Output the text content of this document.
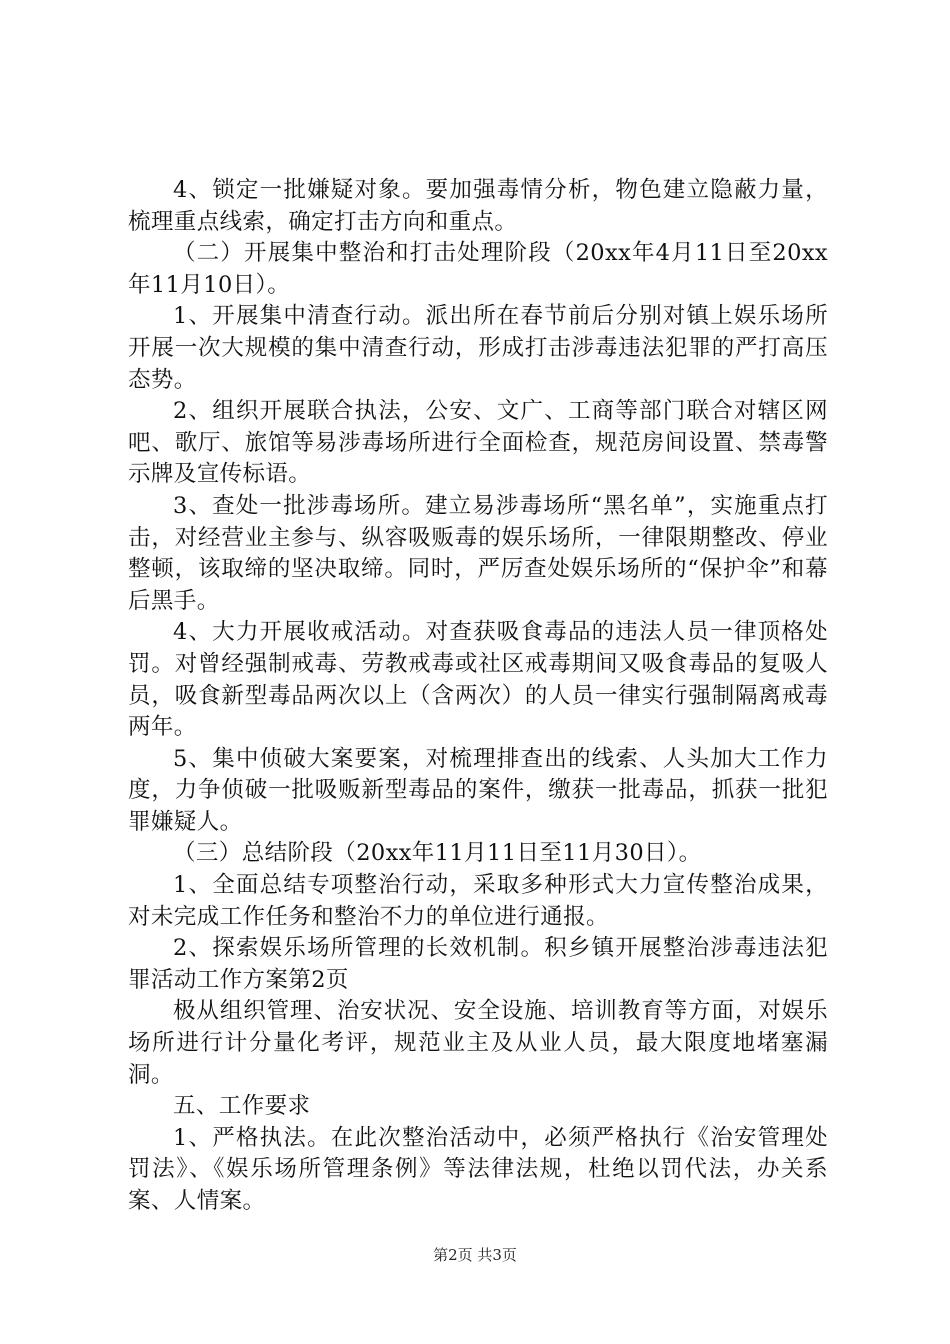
4、锁定一批嫌疑对象。要加强毒情分析，物色建立隐蔽力量，梳理重点线索，确定打击方向和重点。

（二）开展集中整治和打击处理阶段（20xx年4月11日至20xx年11月10日）。

1、开展集中清查行动。派出所在春节前后分别对镇上娱乐场所开展一次大规模的集中清查行动，形成打击涉毒违法犯罪的严打高压态势。

2、组织开展联合执法，公安、文广、工商等部门联合对辖区网吧、歌厅、旅馆等易涉毒场所进行全面检查，规范房间设置、禁毒警示牌及宣传标语。

3、查处一批涉毒场所。建立易涉毒场所“黑名单”，实施重点打击，对经营业主参与、纵容吸贩毒的娱乐场所，一律限期整改、停业整顿，该取缔的坚决取缔。同时，严厉查处娱乐场所的“保护伞”和幕后黑手。

4、大力开展收戒活动。对查获吸食毒品的违法人员一律顶格处罚。对曾经强制戒毒、劳教戒毒或社区戒毒期间又吸食毒品的复吸人员，吸食新型毒品两次以上（含两次）的人员一律实行强制隔离戒毒两年。

5、集中侦破大案要案，对梳理排查出的线索、人头加大工作力度，力争侦破一批吸贩新型毒品的案件，缴获一批毒品，抓获一批犯罪嫌疑人。

（三）总结阶段（20xx年11月11日至11月30日）。

1、全面总结专项整治行动，采取多种形式大力宣传整治成果，对未完成工作任务和整治不力的单位进行通报。

2、探索娱乐场所管理的长效机制。积乡镇开展整治涉毒违法犯罪活动工作方案第2页

极从组织管理、治安状况、安全设施、培训教育等方面，对娱乐场所进行计分量化考评，规范业主及从业人员，最大限度地堵塞漏洞。

五、工作要求

1、严格执法。在此次整治活动中，必须严格执行《治安管理处罚法》、《娱乐场所管理条例》等法律法规，杜绝以罚代法，办关系案、人情案。

第2页 共3页
